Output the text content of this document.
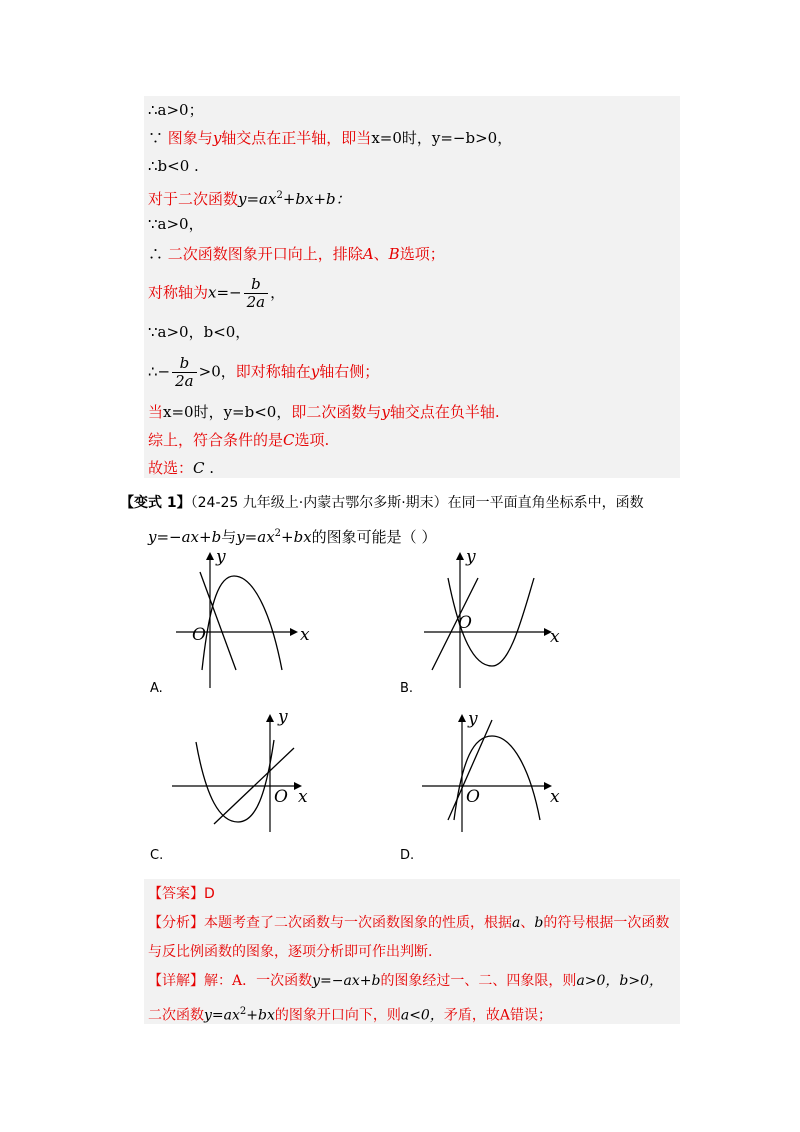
∴a>0；
∵ 图象与y轴交点在正半轴，即当x=0时，y=−b>0，
∴b<0 .
对于二次函数$y=ax^2+bx+b$：
∵a>0，
∴ 二次函数图象开口向上，排除A、B选项；
对称轴为$x=- \frac{b}{2a}$ ，
∵a>0，b<0，
∴− $\frac{b}{2a} >0$，即对称轴在y轴右侧；
当x=0时，y=b<0，即二次函数与y轴交点在负半轴.
综上，符合条件的是C选项.
故选：C .
【变式 1】（24-25 九年级上·内蒙古鄂尔多斯·期末）在同一平面直角坐标系中，函数
y=−ax+b与$y=ax^2+bx$的图象可能是（ ）
x
y
O
A.
x
y
O
B.
x
y
O
C.
x
y
O
D.
【答案】D
【分析】本题考查了二次函数与一次函数图象的性质，根据a、b的符号根据一次函数
与反比例函数的图象，逐项分析即可作出判断.
【详解】解：A．一次函数y=−ax+b的图象经过一、二、四象限，则a>0，b>0，
二次函数$y=ax^2+bx$的图象开口向下，则a<0，矛盾，故A错误；
